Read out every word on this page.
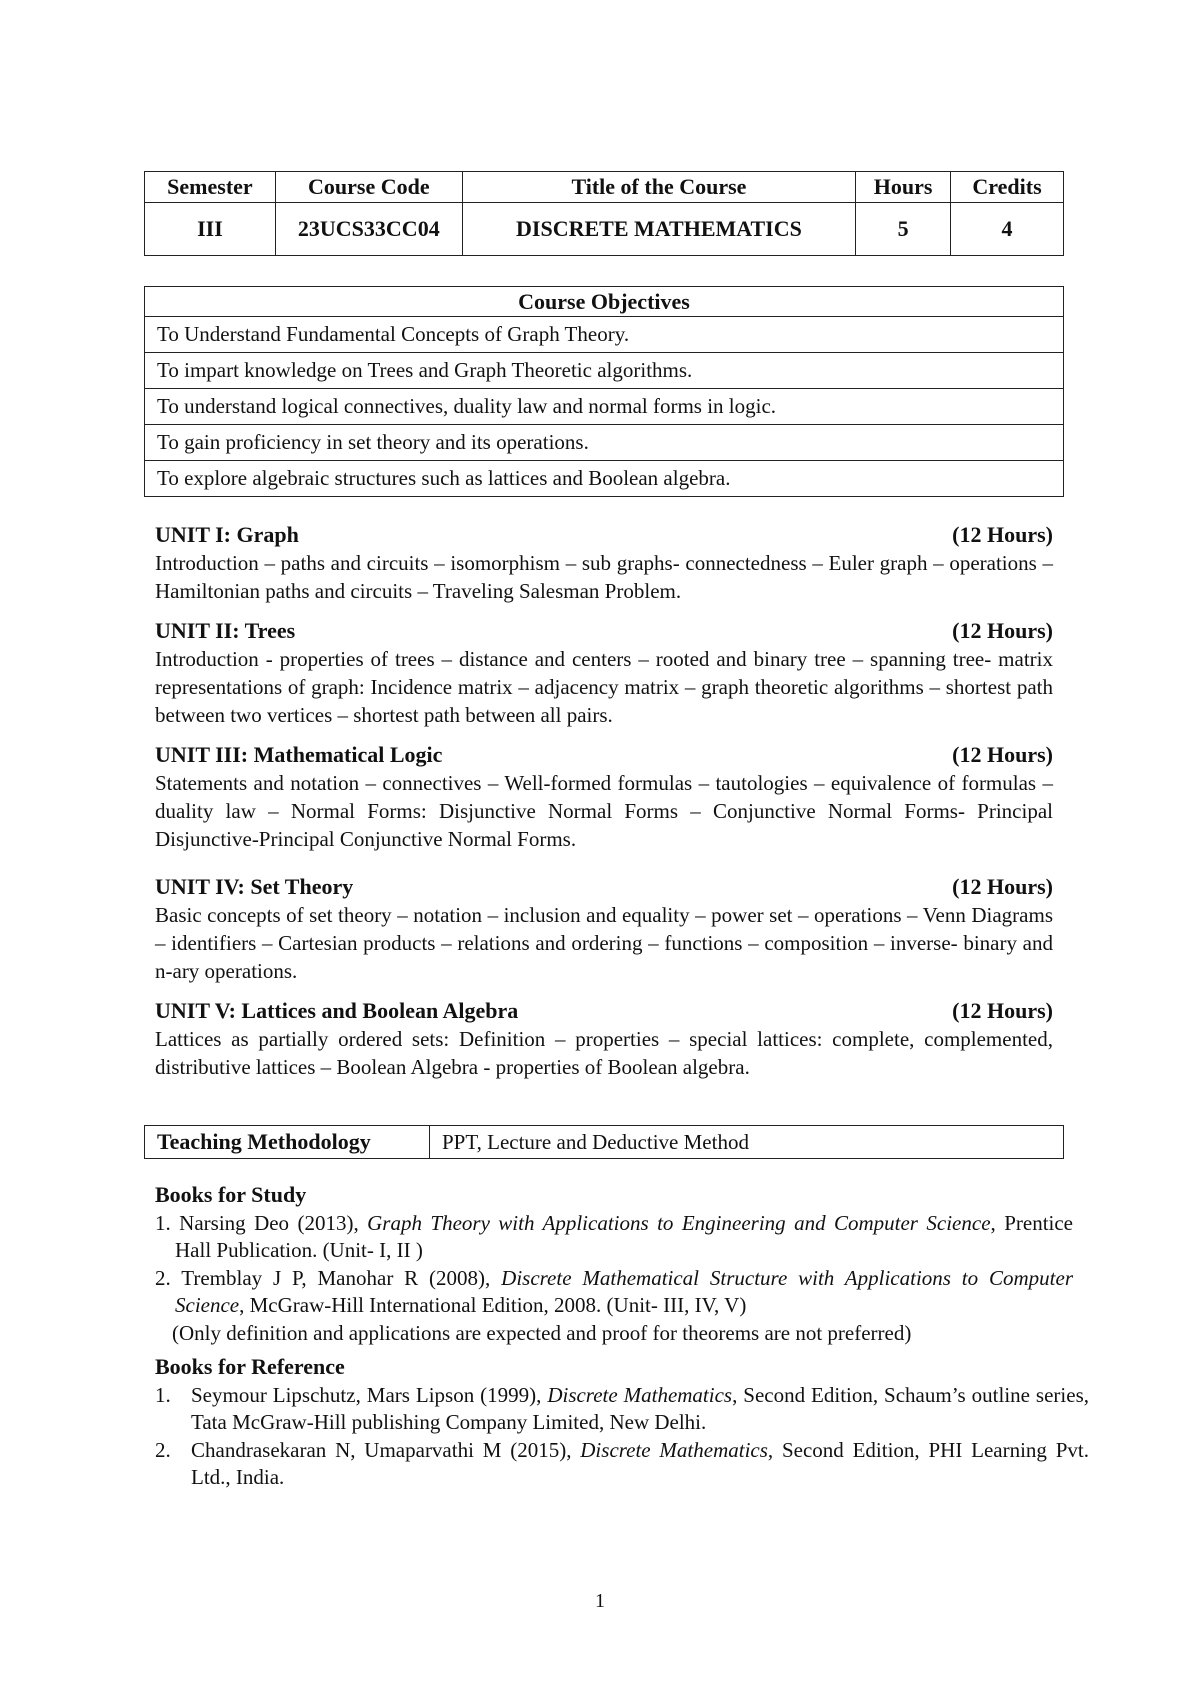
Semester	Course Code	Title of the Course	Hours	Credits
III	23UCS33CC04	DISCRETE MATHEMATICS	5	4
Course Objectives
To Understand Fundamental Concepts of Graph Theory.
To impart knowledge on Trees and Graph Theoretic algorithms.
To understand logical connectives, duality law and normal forms in logic.
To gain proficiency in set theory and its operations.
To explore algebraic structures such as lattices and Boolean algebra.
UNIT I: Graph	(12 Hours)
Introduction – paths and circuits – isomorphism – sub graphs- connectedness – Euler graph – operations – Hamiltonian paths and circuits – Traveling Salesman Problem.
UNIT II: Trees	(12 Hours)
Introduction - properties of trees – distance and centers – rooted and binary tree – spanning tree- matrix representations of graph: Incidence matrix – adjacency matrix – graph theoretic algorithms – shortest path between two vertices – shortest path between all pairs.
UNIT III: Mathematical Logic	(12 Hours)
Statements and notation – connectives – Well-formed formulas – tautologies – equivalence of formulas – duality law – Normal Forms: Disjunctive Normal Forms – Conjunctive Normal Forms- Principal Disjunctive-Principal Conjunctive Normal Forms.
UNIT IV: Set Theory	(12 Hours)
Basic concepts of set theory – notation – inclusion and equality – power set – operations – Venn Diagrams – identifiers – Cartesian products – relations and ordering – functions – composition – inverse- binary and n-ary operations.
UNIT V: Lattices and Boolean Algebra	(12 Hours)
Lattices as partially ordered sets: Definition – properties – special lattices: complete, complemented, distributive lattices – Boolean Algebra - properties of Boolean algebra.
Teaching Methodology	PPT, Lecture and Deductive Method
Books for Study
1. Narsing Deo (2013), Graph Theory with Applications to Engineering and Computer Science, Prentice Hall Publication. (Unit- I, II )
2. Tremblay J P, Manohar R (2008), Discrete Mathematical Structure with Applications to Computer Science, McGraw-Hill International Edition, 2008. (Unit- III, IV, V)
(Only definition and applications are expected and proof for theorems are not preferred)
Books for Reference
1. Seymour Lipschutz, Mars Lipson (1999), Discrete Mathematics, Second Edition, Schaum’s outline series, Tata McGraw-Hill publishing Company Limited, New Delhi.
2. Chandrasekaran N, Umaparvathi M (2015), Discrete Mathematics, Second Edition, PHI Learning Pvt. Ltd., India.
1
